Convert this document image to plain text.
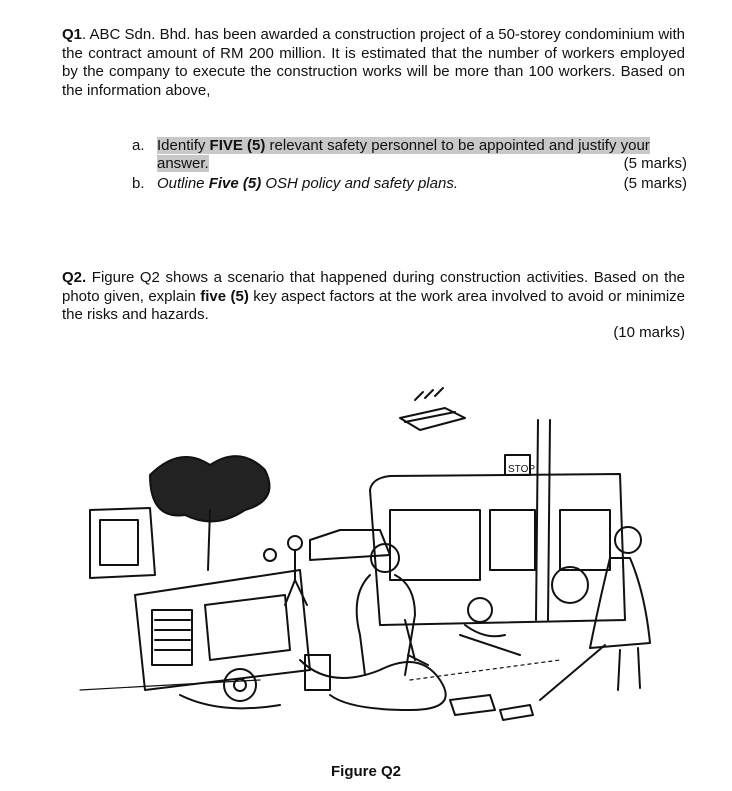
Q1. ABC Sdn. Bhd. has been awarded a construction project of a 50-storey condominium with the contract amount of RM 200 million. It is estimated that the number of workers employed by the company to execute the construction works will be more than 100 workers. Based on the information above,
a. Identify FIVE (5) relevant safety personnel to be appointed and justify your answer.	(5 marks)
b. Outline Five (5) OSH policy and safety plans.	(5 marks)
Q2. Figure Q2 shows a scenario that happened during construction activities. Based on the photo given, explain five (5) key aspect factors at the work area involved to avoid or minimize the risks and hazards.
(10 marks)
STOP
Figure Q2
